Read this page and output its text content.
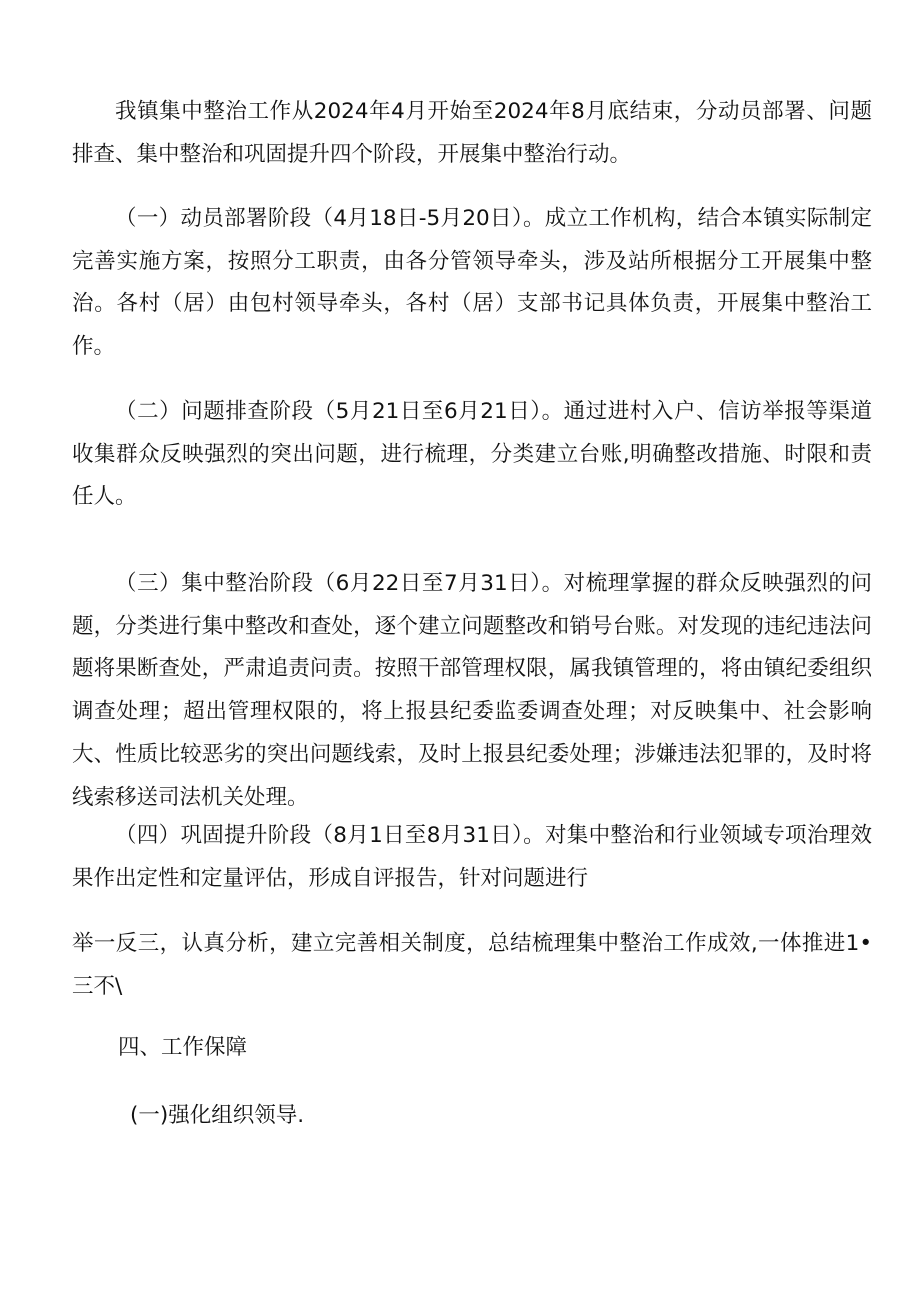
我镇集中整治工作从2024年4月开始至2024年8月底结束，分动员部署、问题排查、集中整治和巩固提升四个阶段，开展集中整治行动。

（一）动员部署阶段（4月18日-5月20日）。成立工作机构，结合本镇实际制定完善实施方案，按照分工职责，由各分管领导牵头，涉及站所根据分工开展集中整治。各村（居）由包村领导牵头，各村（居）支部书记具体负责，开展集中整治工作。

（二）问题排查阶段（5月21日至6月21日）。通过进村入户、信访举报等渠道收集群众反映强烈的突出问题，进行梳理，分类建立台账,明确整改措施、时限和责任人。

（三）集中整治阶段（6月22日至7月31日）。对梳理掌握的群众反映强烈的问题，分类进行集中整改和查处，逐个建立问题整改和销号台账。对发现的违纪违法问题将果断查处，严肃追责问责。按照干部管理权限，属我镇管理的，将由镇纪委组织调查处理；超出管理权限的，将上报县纪委监委调查处理；对反映集中、社会影响大、性质比较恶劣的突出问题线索，及时上报县纪委处理；涉嫌违法犯罪的，及时将线索移送司法机关处理。

（四）巩固提升阶段（8月1日至8月31日）。对集中整治和行业领域专项治理效果作出定性和定量评估，形成自评报告，针对问题进行

举一反三，认真分析，建立完善相关制度，总结梳理集中整治工作成效,一体推进1•三不\

四、工作保障
(一)强化组织领导.
